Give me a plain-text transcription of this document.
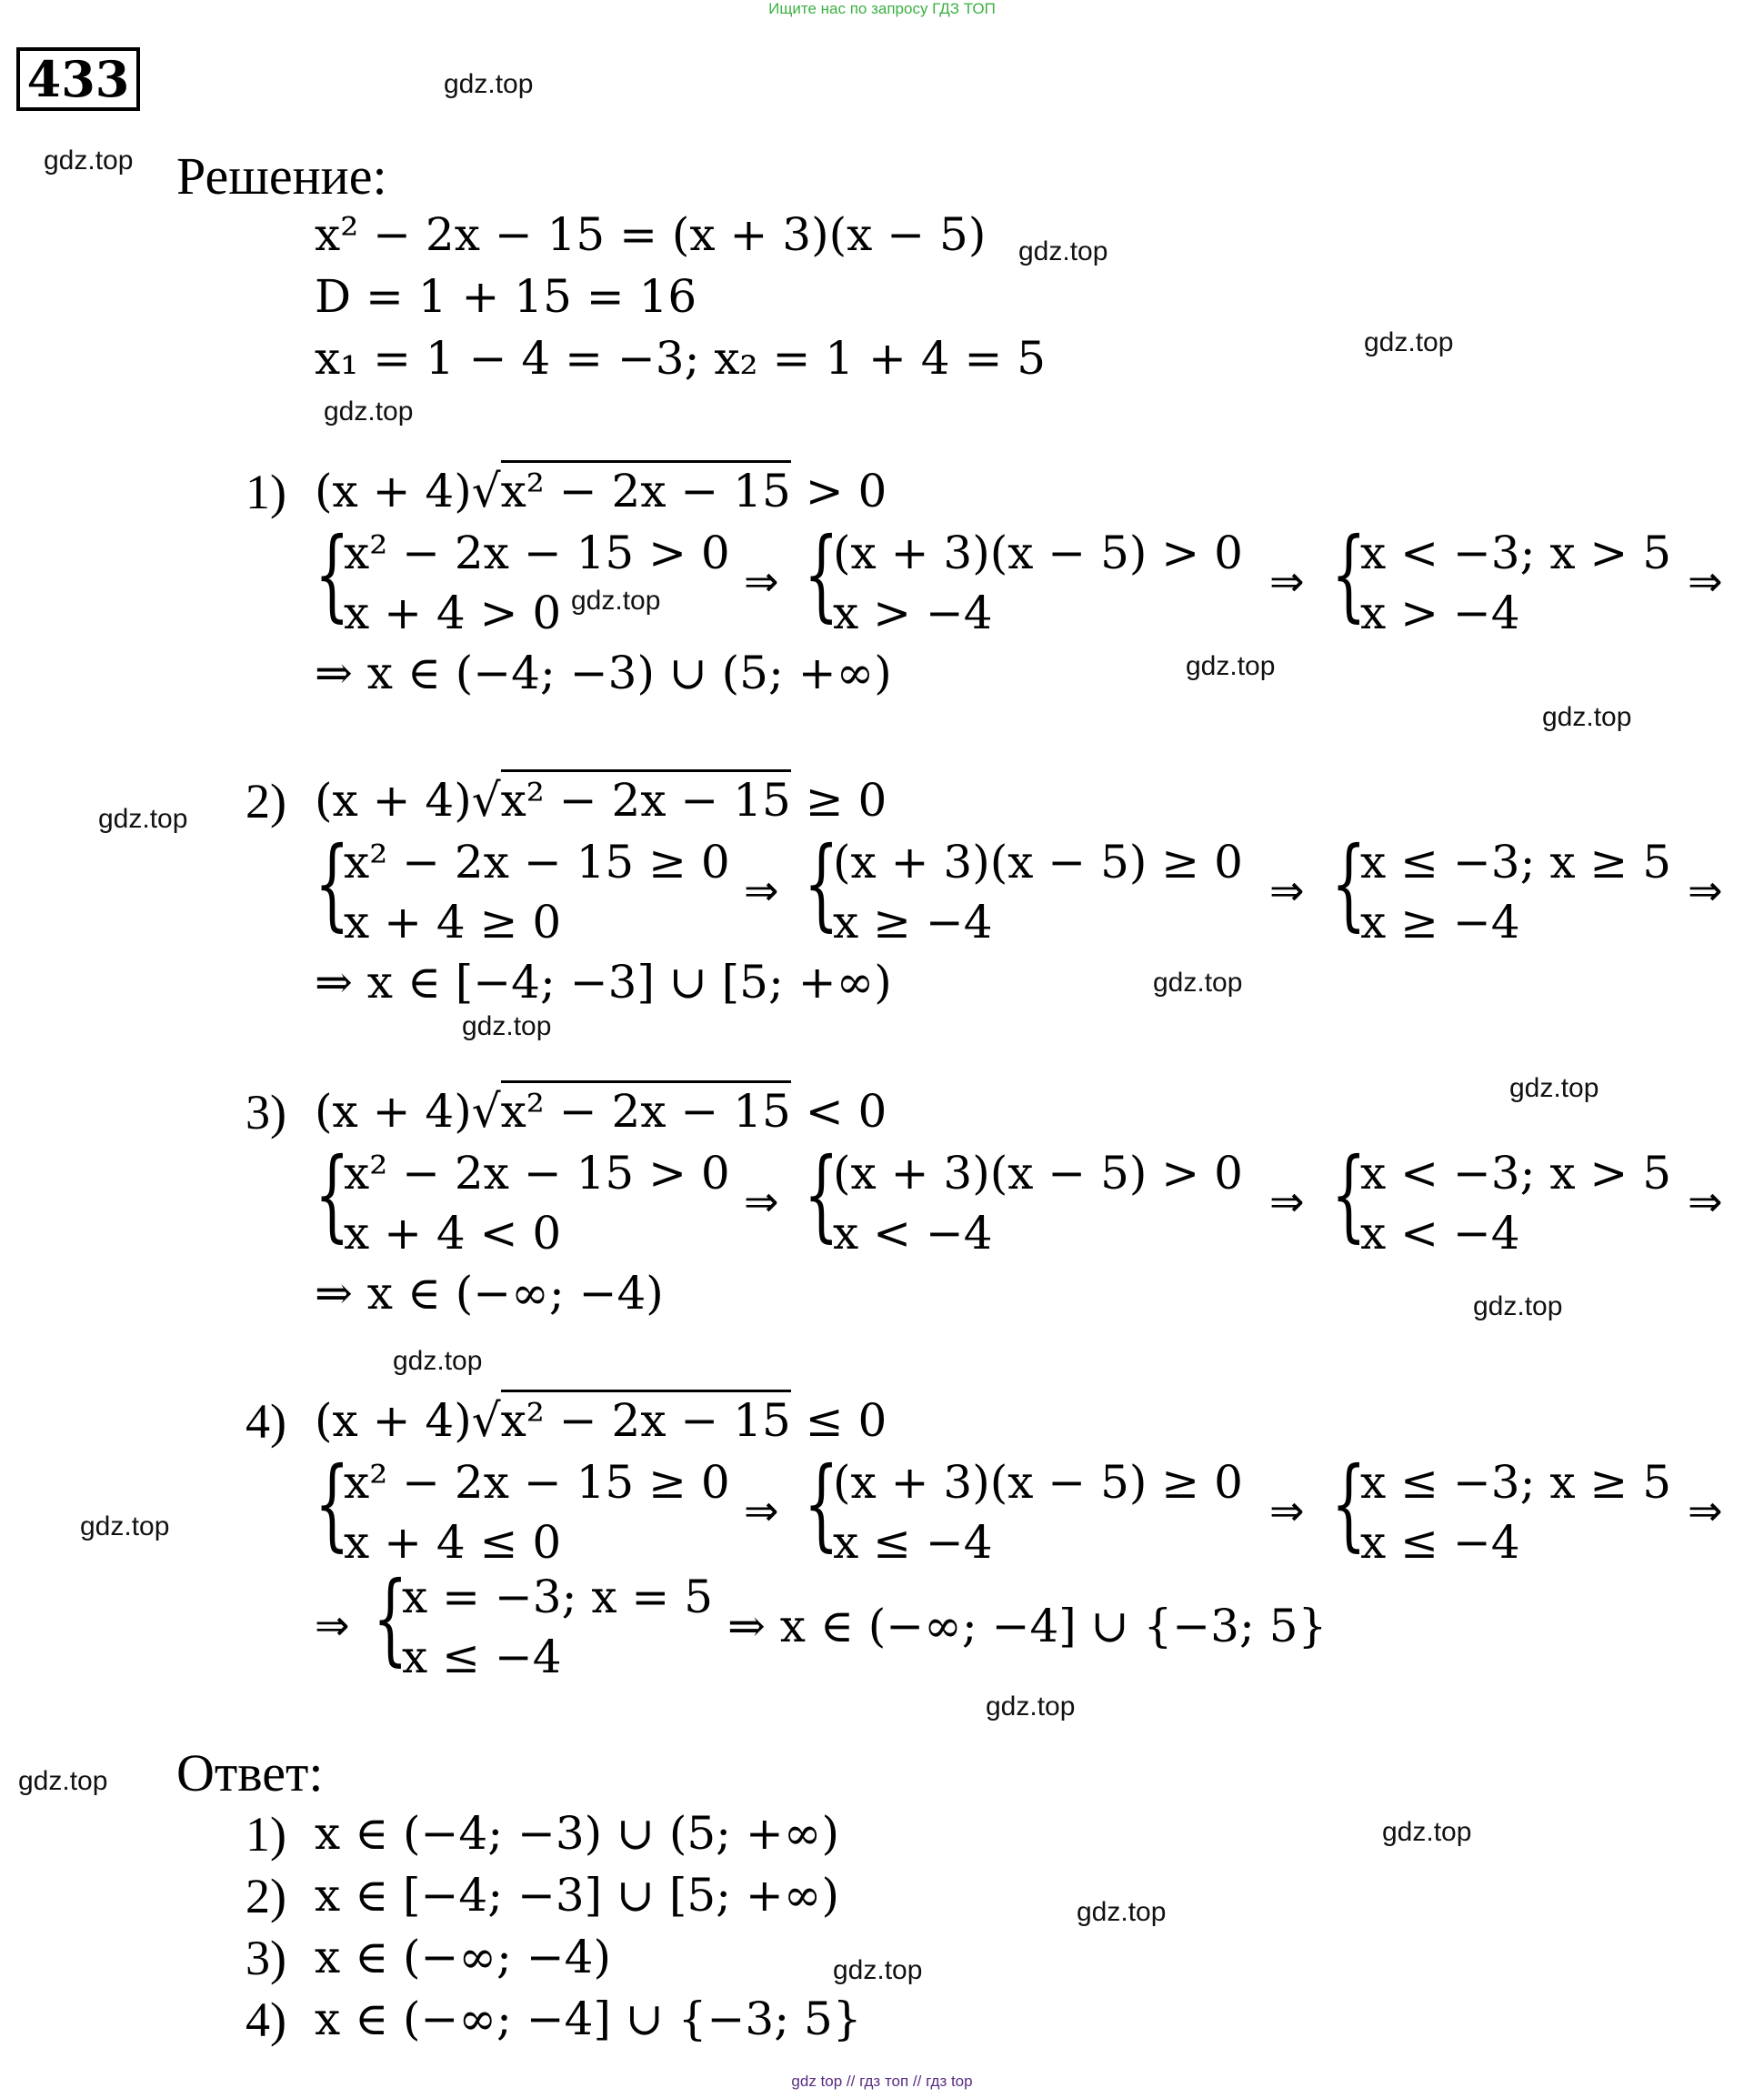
Ищите нас по запросу ГДЗ ТОП
433	gdz.top
gdz.top
gdz.top
gdz.top
gdz.top
gdz.top
gdz.top
gdz.top
gdz.top
gdz.top
gdz.top
gdz.top
gdz.top
gdz.top
gdz.top
gdz.top
gdz.top
gdz.top
gdz.top
gdz.top
Решение:
x² − 2x − 15 = (x + 3)(x − 5)
D = 1 + 15 = 16
x₁ = 1 − 4 = −3; x₂ = 1 + 4 = 5
1) (x + 4)√x² − 2x − 15 > 0
{
x² − 2x − 15 > 0
x + 4 > 0
⇒ {
(x + 3)(x − 5) > 0
x > −4
⇒ {
x < −3; x > 5
x > −4
⇒
⇒ x ∈ (−4; −3) ∪ (5; +∞)
2) (x + 4)√x² − 2x − 15 ≥ 0
{
x² − 2x − 15 ≥ 0
x + 4 ≥ 0
⇒ {
(x + 3)(x − 5) ≥ 0
x ≥ −4
⇒ {
x ≤ −3; x ≥ 5
x ≥ −4
⇒
⇒ x ∈ [−4; −3] ∪ [5; +∞)
3) (x + 4)√x² − 2x − 15 < 0
{
x² − 2x − 15 > 0
x + 4 < 0
⇒ {
(x + 3)(x − 5) > 0
x < −4
⇒ {
x < −3; x > 5
x < −4
⇒
⇒ x ∈ (−∞; −4)
4) (x + 4)√x² − 2x − 15 ≤ 0
{
x² − 2x − 15 ≥ 0
x + 4 ≤ 0
⇒ {
(x + 3)(x − 5) ≥ 0
x ≤ −4
⇒ {
x ≤ −3; x ≥ 5
x ≤ −4
⇒
⇒ {
x = −3; x = 5
x ≤ −4
⇒ x ∈ (−∞; −4] ∪ {−3; 5}
Ответ:
1) x ∈ (−4; −3) ∪ (5; +∞)
2) x ∈ [−4; −3] ∪ [5; +∞)
3) x ∈ (−∞; −4)
4) x ∈ (−∞; −4] ∪ {−3; 5}
gdz top // гдз топ // гдз top
